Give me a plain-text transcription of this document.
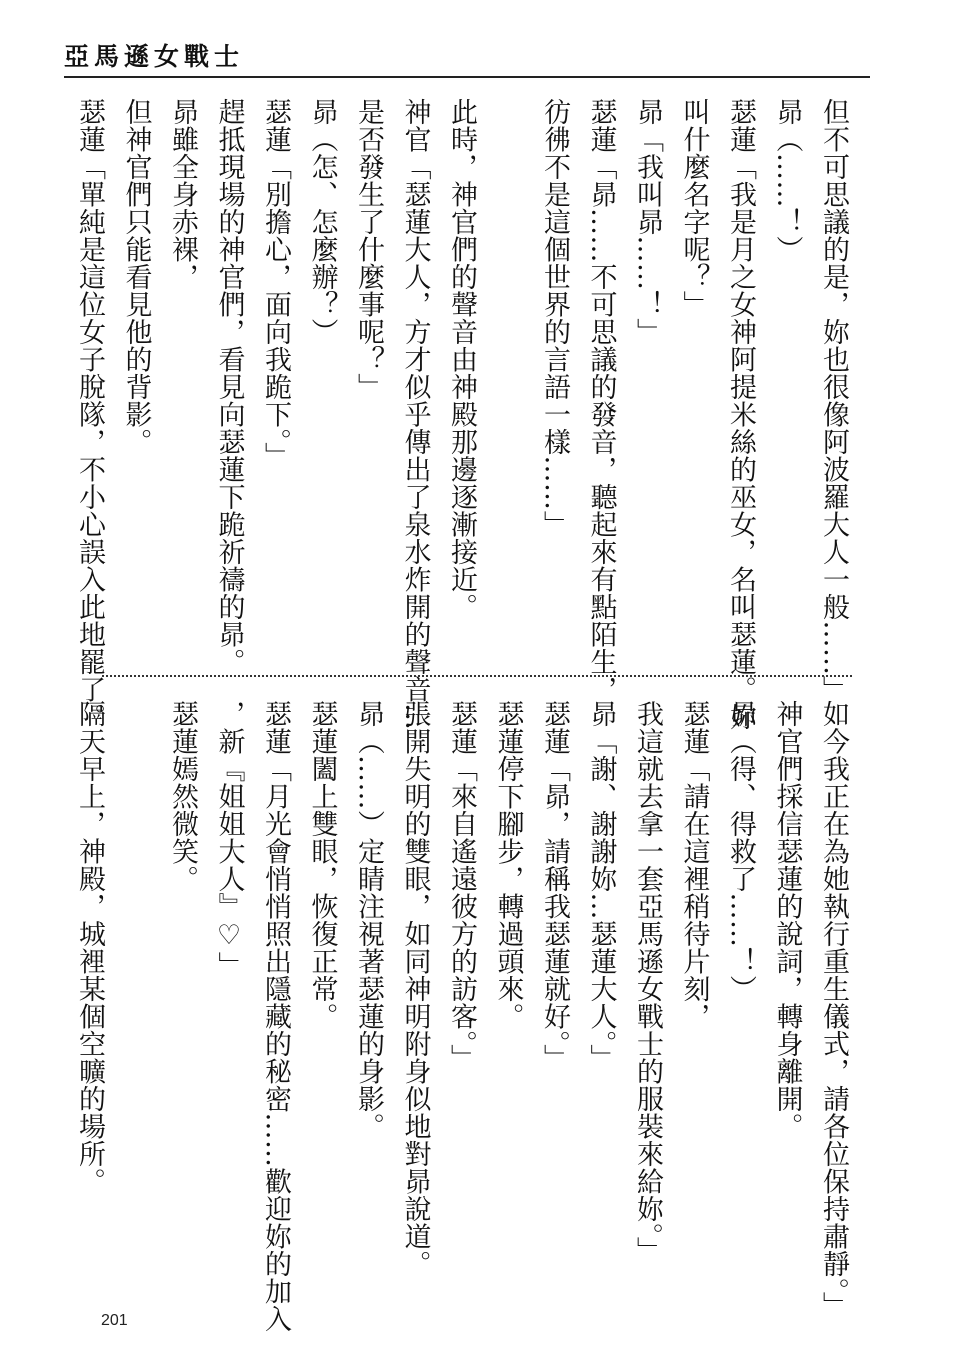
亞馬遜女戰士
但不可思議的是，妳也很像阿波羅大人一般……」
昴（……！）
瑟蓮「我是月之女神阿提米絲的巫女，名叫瑟蓮。妳
叫什麼名字呢？」
昴「我叫昴……！」
瑟蓮「昴……不可思議的發音，聽起來有點陌生，
彷彿不是這個世界的言語一樣……」
此時，神官們的聲音由神殿那邊逐漸接近。
神官「瑟蓮大人，方才似乎傳出了泉水炸開的聲音…
是否發生了什麼事呢？」
昴（怎、怎麼辦？）
瑟蓮「別擔心，面向我跪下。」
趕抵現場的神官們，看見向瑟蓮下跪祈禱的昴。
昴雖全身赤裸，
但神官們只能看見他的背影。
瑟蓮「單純是這位女子脫隊，不小心誤入此地罷了。
如今我正在為她執行重生儀式，請各位保持肅靜。」
神官們採信瑟蓮的說詞，轉身離開。
昴（得、得救了……！）
瑟蓮「請在這裡稍待片刻，
我這就去拿一套亞馬遜女戰士的服裝來給妳。」
昴「謝、謝謝妳…瑟蓮大人。」
瑟蓮「昴，請稱我瑟蓮就好。」
瑟蓮停下腳步，轉過頭來。
瑟蓮「來自遙遠彼方的訪客。」
張開失明的雙眼，如同神明附身似地對昴說道。
昴（……）定睛注視著瑟蓮的身影。
瑟蓮闔上雙眼，恢復正常。
瑟蓮「月光會悄悄照出隱藏的秘密……歡迎妳的加入
，新『姐姐大人』♡」
瑟蓮嫣然微笑。
隔天早上，神殿，城裡某個空曠的場所。
201
